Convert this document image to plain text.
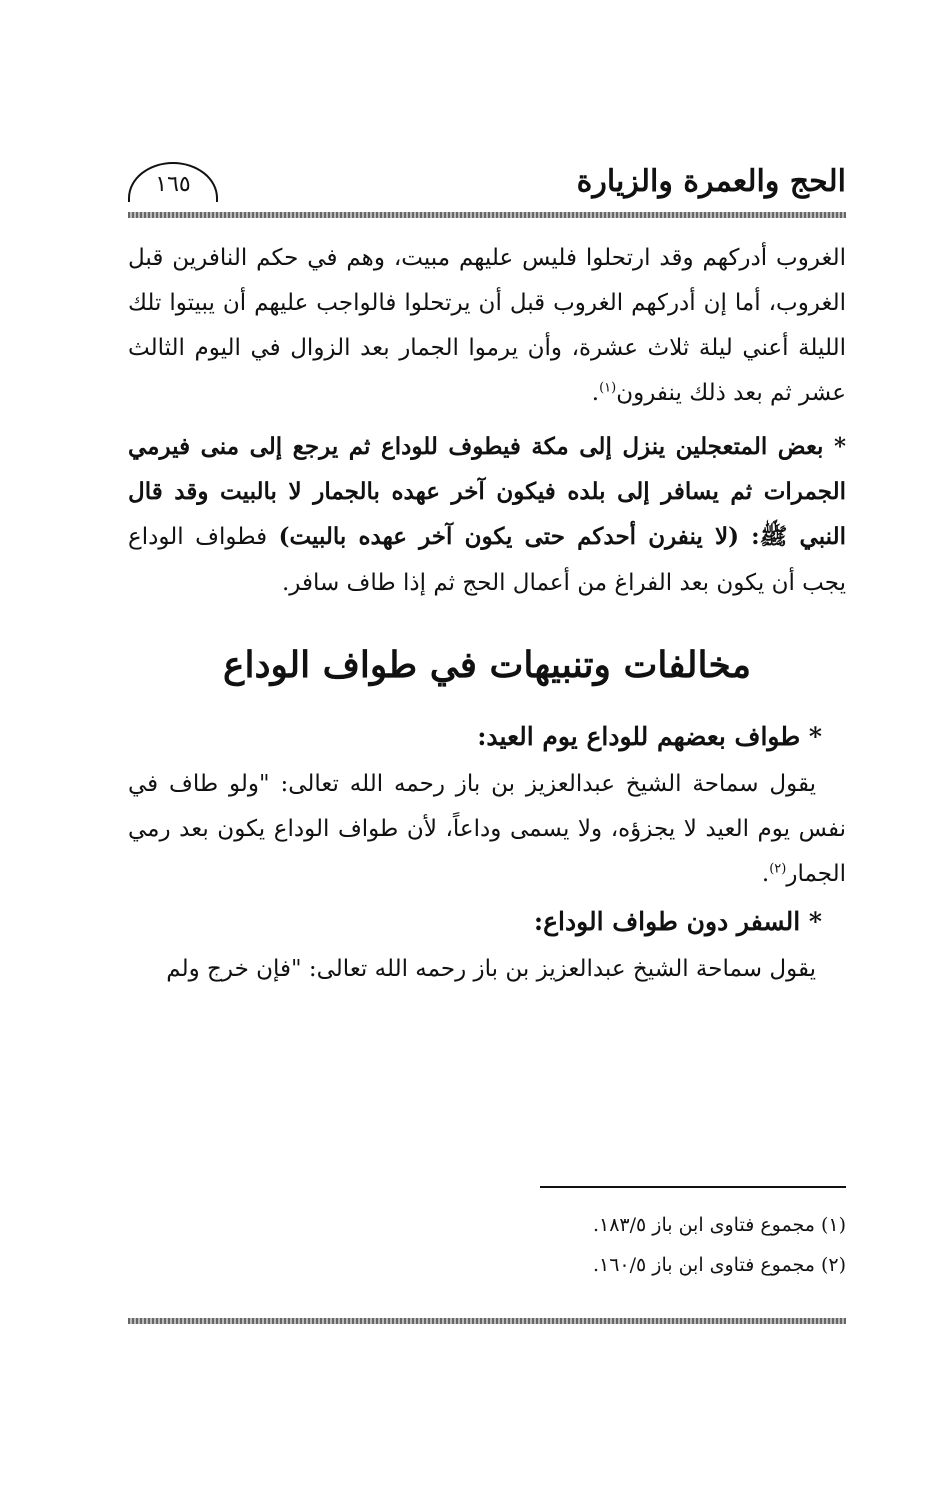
الحج والعمرة والزيارة
١٦٥

الغروب أدركهم وقد ارتحلوا فليس عليهم مبيت، وهم في حكم النافرين قبل الغروب، أما إن أدركهم الغروب قبل أن يرتحلوا فالواجب عليهم أن يبيتوا تلك الليلة أعني ليلة ثلاث عشرة، وأن يرموا الجمار بعد الزوال في اليوم الثالث عشر ثم بعد ذلك ينفرون$^{(١)}$.

* بعض المتعجلين ينزل إلى مكة فيطوف للوداع ثم يرجع إلى منى فيرمي الجمرات ثم يسافر إلى بلده فيكون آخر عهده بالجمار لا بالبيت وقد قال النبي ﷺ: (لا ينفرن أحدكم حتى يكون آخر عهده بالبيت) فطواف الوداع يجب أن يكون بعد الفراغ من أعمال الحج ثم إذا طاف سافر.

مخالفات وتنبيهات في طواف الوداع

* طواف بعضهم للوداع يوم العيد:

يقول سماحة الشيخ عبدالعزيز بن باز رحمه الله تعالى: "ولو طاف في نفس يوم العيد لا يجزؤه، ولا يسمى وداعاً، لأن طواف الوداع يكون بعد رمي الجمار$^{(٢)}$.

* السفر دون طواف الوداع:

يقول سماحة الشيخ عبدالعزيز بن باز رحمه الله تعالى: "فإن خرج ولم

(١) مجموع فتاوى ابن باز ١٨٣/٥.

(٢) مجموع فتاوى ابن باز ١٦٠/٥.
